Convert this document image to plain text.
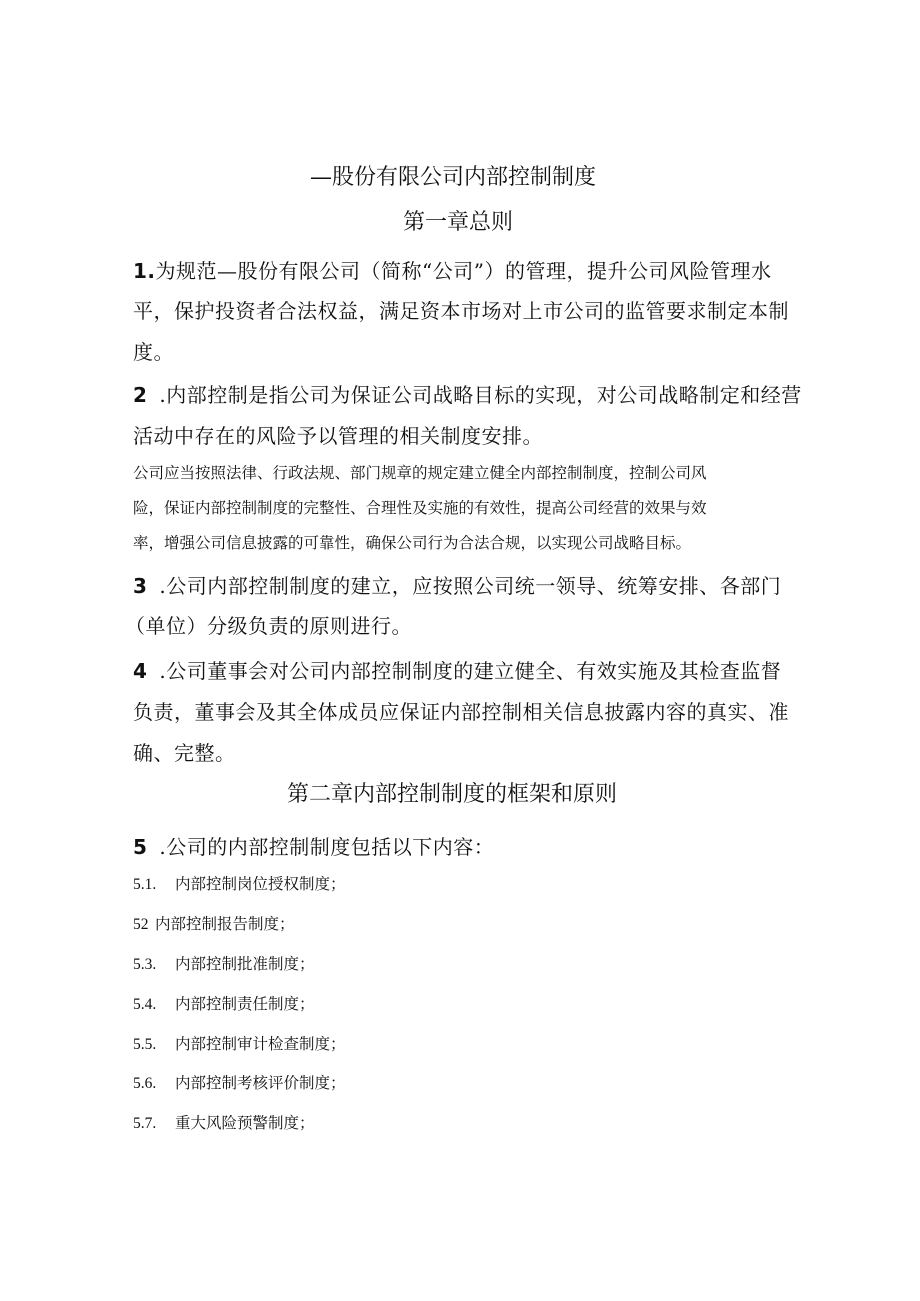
—股份有限公司内部控制制度
第一章总则
1.为规范—股份有限公司（简称“公司”）的管理，提升公司风险管理水
平，保护投资者合法权益，满足资本市场对上市公司的监管要求制定本制
度。
2 .内部控制是指公司为保证公司战略目标的实现，对公司战略制定和经营
活动中存在的风险予以管理的相关制度安排。
公司应当按照法律、行政法规、部门规章的规定建立健全内部控制制度，控制公司风
险，保证内部控制制度的完整性、合理性及实施的有效性，提高公司经营的效果与效
率，增强公司信息披露的可靠性，确保公司行为合法合规，以实现公司战略目标。
3 .公司内部控制制度的建立，应按照公司统一领导、统筹安排、各部门
（单位）分级负责的原则进行。
4 .公司董事会对公司内部控制制度的建立健全、有效实施及其检查监督
负责，董事会及其全体成员应保证内部控制相关信息披露内容的真实、准
确、完整。
第二章内部控制制度的框架和原则
5 .公司的内部控制制度包括以下内容：
5.1. 内部控制岗位授权制度；
52 内部控制报告制度；
5.3. 内部控制批准制度；
5.4. 内部控制责任制度；
5.5. 内部控制审计检查制度；
5.6. 内部控制考核评价制度；
5.7. 重大风险预警制度；
